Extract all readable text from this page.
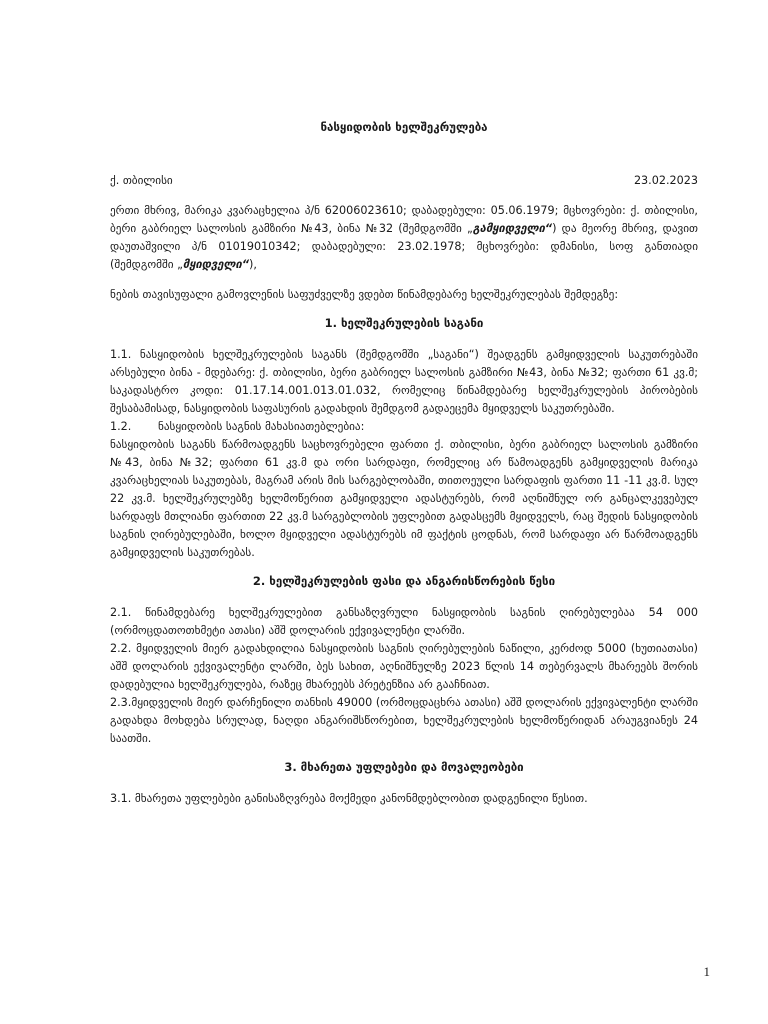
ნასყიდობის ხელშეკრულება
ქ. თბილისი	23.02.2023

ერთი მხრივ, მარიკა კვარაცხელია პ/ნ 62006023610; დაბადებული: 05.06.1979; მცხოვრები: ქ. თბილისი, ბერი გაბრიელ სალოსის გამზირი №43, ბინა №32 (შემდგომში „გამყიდველი“) და მეორე მხრივ, დავით დაუთაშვილი პ/ნ 01019010342; დაბადებული: 23.02.1978; მცხოვრები: დმანისი, სოფ განთიადი (შემდგომში „მყიდველი“),

ნების თავისუფალი გამოვლენის საფუძველზე ვდებთ წინამდებარე ხელშეკრულებას შემდეგზე:

1. ხელშეკრულების საგანი

1.1. ნასყიდობის ხელშეკრულების საგანს (შემდგომში „საგანი“) შეადგენს გამყიდველის საკუთრებაში არსებული ბინა - მდებარე: ქ. თბილისი, ბერი გაბრიელ სალოსის გამზირი №43, ბინა №32; ფართი 61 კვ.მ; საკადასტრო კოდი: 01.17.14.001.013.01.032, რომელიც წინამდებარე ხელშეკრულების პირობების შესაბამისად, ნასყიდობის საფასურის გადახდის შემდგომ გადაეცემა მყიდველს საკუთრებაში.

1.2.	ნასყიდობის საგნის მახასიათებლებია:

ნასყიდობის საგანს წარმოადგენს საცხოვრებელი ფართი ქ. თბილისი, ბერი გაბრიელ სალოსის გამზირი №43, ბინა №32; ფართი 61 კვ.მ და ორი სარდაფი, რომელიც არ წამოადგენს გამყიდველის მარიკა კვარაცხელიას საკუთებას, მაგრამ არის მის სარგებლობაში, თითოეული სარდაფის ფართი 11 -11 კვ.მ. სულ 22 კვ.მ. ხელშეკრულებზე ხელმოწერით გამყიდველი ადასტურებს, რომ აღნიშნულ ორ განცალკევებულ სარდაფს მთლიანი ფართით 22 კვ.მ სარგებლობის უფლებით გადასცემს მყიდველს, რაც შედის ნასყიდობის საგნის ღირებულებაში, ხოლო მყიდველი ადასტურებს იმ ფაქტის ცოდნას, რომ სარდაფი არ წარმოადგენს გამყიდველის საკუთრებას.

2. ხელშეკრულების ფასი და ანგარისწორების წესი

2.1. წინამდებარე ხელშეკრულებით განსაზღვრული ნასყიდობის საგნის ღირებულებაა 54 000 (ორმოცდათოთხმეტი ათასი) აშშ დოლარის ექვივალენტი ლარში.

2.2. მყიდველის მიერ გადახდილია ნასყიდობის საგნის ღირებულების ნაწილი, კერძოდ 5000 (ხუთიათასი) აშშ დოლარის ექვივალენტი ლარში, ბეს სახით, აღნიშნულზე 2023 წლის 14 თებერვალს მხარეებს შორის დადებულია ხელშეკრულება, რაზეც მხარეებს პრეტენზია არ გააჩნიათ.

2.3.მყიდველის მიერ დარჩენილი თანხის 49000 (ორმოცდაცხრა ათასი) აშშ დოლარის ექვივალენტი ლარში გადახდა მოხდება სრულად, ნაღდი ანგარიშსწორებით, ხელშეკრულების ხელმოწერიდან არაუგვიანეს 24 საათში.

3. მხარეთა უფლებები და მოვალეობები

3.1. მხარეთა უფლებები განისაზღვრება მოქმედი კანონმდებლობით დადგენილი წესით.

1
